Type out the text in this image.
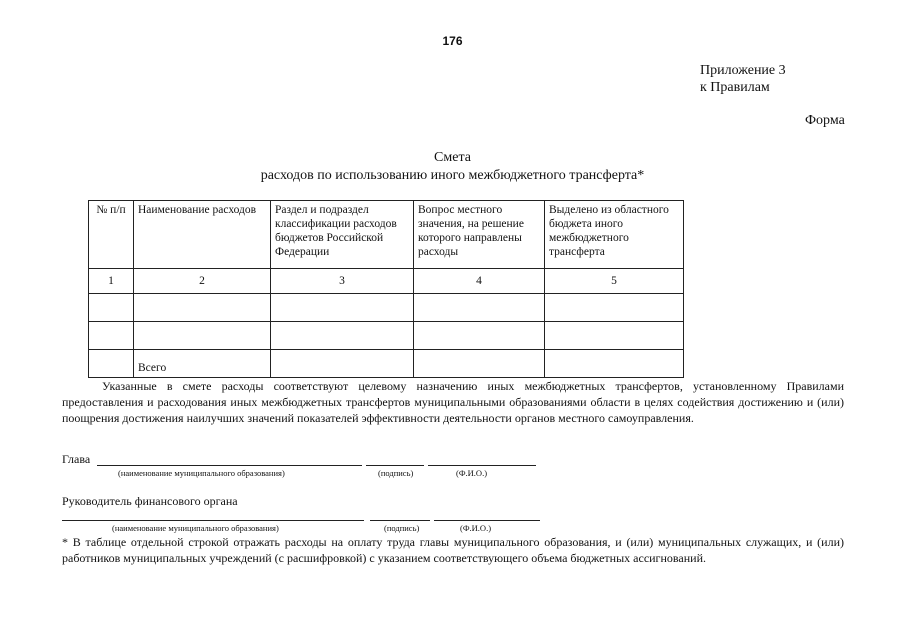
176
Приложение 3
к Правилам
Форма
Смета
расходов по использованию иного межбюджетного трансферта*
№ п/п	Наименование расходов	Раздел и подраздел классификации расходов бюджетов Российской Федерации	Вопрос местного значения, на решение которого направлены расходы	Выделено из областного бюджета иного межбюджетного трансферта
1	2	3	4	5

	Всего			
Указанные в смете расходы соответствуют целевому назначению иных межбюджетных трансфертов, установленному Правилами предоставления и расходования иных межбюджетных трансфертов муниципальными образованиями области в целях содействия достижению и (или) поощрения достижения наилучших значений показателей эффективности деятельности органов местного самоуправления.
Глава
(наименование муниципального образования)	(подпись)	(Ф.И.О.)
Руководитель финансового органа
(наименование муниципального образования)	(подпись)	(Ф.И.О.)
* В таблице отдельной строкой отражать расходы на оплату труда главы муниципального образования, и (или) муниципальных служащих, и (или) работников муниципальных учреждений (с расшифровкой) с указанием соответствующего объема бюджетных ассигнований.
